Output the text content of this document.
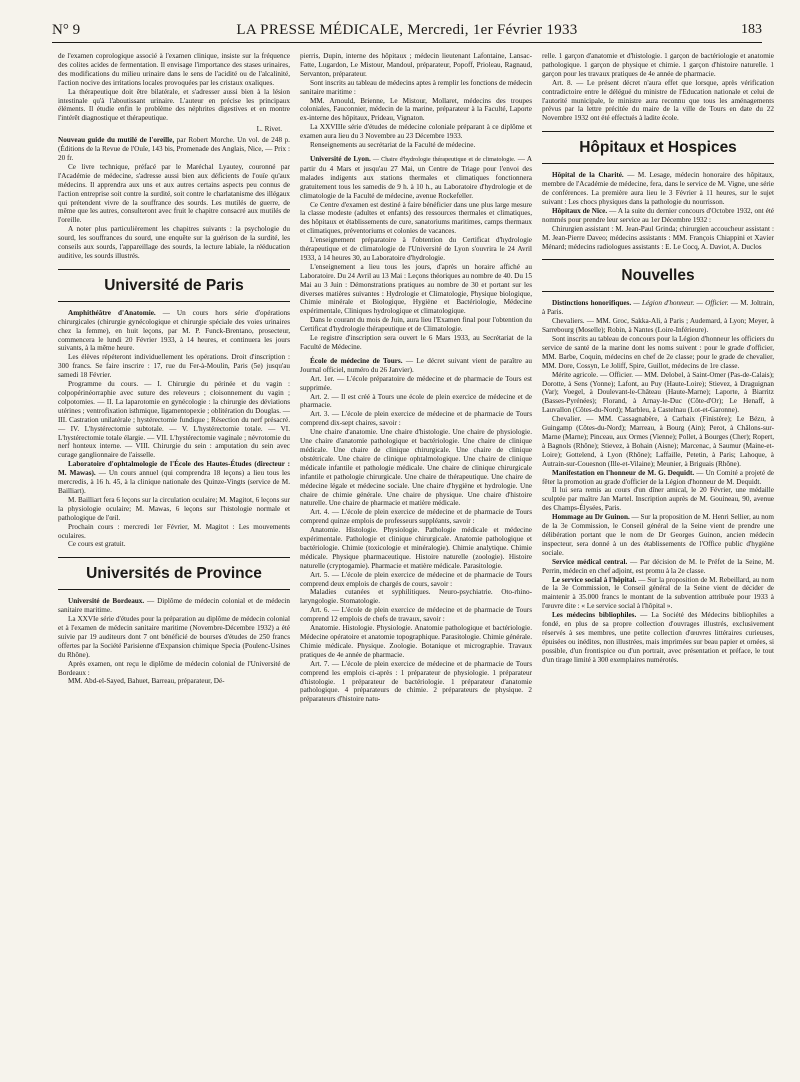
N° 9	LA PRESSE MÉDICALE, Mercredi, 1er Février 1933	183

de l'examen coprologique associé à l'examen clinique, insiste sur la fréquence des colites acides de fermentation. Il envisage l'importance des stases urinaires, des modifications du milieu urinaire dans le sens de l'acidité ou de l'alcalinité, l'action nocive des irritations locales provoquées par les cristaux oxaliques.

La thérapeutique doit être bilatérale, et s'adresser aussi bien à la lésion intestinale qu'à l'aboutissant urinaire. L'auteur en précise les principaux éléments. Il étudie enfin le problème des néphrites digestives et en montre l'intérêt diagnostique et thérapeutique.

L. Rivet.

Nouveau guide du mutilé de l'oreille, par Robert Morche. Un vol. de 248 p. (Éditions de la Revue de l'Ouïe, 143 bis, Promenade des Anglais, Nice, — Prix : 20 fr.

Ce livre technique, préfacé par le Maréchal Lyautey, couronné par l'Académie de médecine, s'adresse aussi bien aux déficients de l'ouïe qu'aux médecins. Il apprendra aux uns et aux autres certains aspects peu connus de l'action entreprise soit contre la surdité, soit contre le charlatanisme des illégaux qui prétendent vivre de la souffrance des sourds. Les mutilés de guerre, de même que les autres, consulteront avec fruit le chapitre consacré aux mutilés de l'oreille.

A noter plus particulièrement les chapitres suivants : la psychologie du sourd, les souffrances du sourd, une enquête sur la guérison de la surdité, les conseils aux sourds, l'appareillage des sourds, la lecture labiale, la rééducation auditive, les sourds illustrés.

Université de Paris

Amphithéâtre d'Anatomie. — Un cours hors série d'opérations chirurgicales (chirurgie gynécologique et chirurgie spéciale des voies urinaires chez la femme), en huit leçons, par M. P. Funck-Brentano, prosecteur, commencera le lundi 20 Février 1933, à 14 heures, et continuera les jours suivants, à la même heure.

Les élèves répéteront individuellement les opérations. Droit d'inscription : 300 francs. Se faire inscrire : 17, rue du Fer-à-Moulin, Paris (5e) jusqu'au samedi 18 Février.

Programme du cours. — I. Chirurgie du périnée et du vagin : colpopérinéorraphie avec suture des releveurs ; cloisonnement du vagin ; colpotomies. — II. La laparotomie en gynécologie : la chirurgie des déviations utérines ; ventrofixation isthmique, ligamentopexie ; oblitération du Douglas. — III. Castration unilatérale ; hystérectomie fundique ; Résection du nerf présacré. — IV. L'hystérectomie subtotale. — V. L'hystérectomie totale. — VI. L'hystérectomie totale élargie. — VII. L'hystérectomie vaginale ; névrotomie du nerf honteux interne. — VIII. Chirurgie du sein : amputation du sein avec curage ganglionnaire de l'aisselle.

Laboratoire d'ophtalmologie de l'École des Hautes-Études (directeur : M. Mawas). — Un cours annuel (qui comprendra 18 leçons) a lieu tous les mercredis, à 16 h. 45, à la clinique nationale des Quinze-Vingts (service de M. Bailliart).

M. Bailliart fera 6 leçons sur la circulation oculaire; M. Magitot, 6 leçons sur la physiologie oculaire; M. Mawas, 6 leçons sur l'histologie normale et pathologique de l'œil.

Prochain cours : mercredi 1er Février, M. Magitot : Les mouvements oculaires.

Ce cours est gratuit.

Universités de Province

Université de Bordeaux. — Diplôme de médecin colonial et de médecin sanitaire maritime.

La XXVIe série d'études pour la préparation au diplôme de médecin colonial et à l'examen de médecin sanitaire maritime (Novembre-Décembre 1932) a été suivie par 19 auditeurs dont 7 ont bénéficié de bourses d'études de 250 francs offertes par la Société Parisienne d'Expansion chimique Specia (Poulenc-Usines du Rhône).

Après examen, ont reçu le diplôme de médecin colonial de l'Université de Bordeaux :

MM. Abd-el-Sayed, Bahuet, Barreau, préparateur, Dé-

pierris, Dupin, interne des hôpitaux ; médecin lieutenant Lafontaine, Lansac-Fatte, Lugardon, Le Mistour, Mandoul, préparateur, Popoff, Prioleau, Ragnaud, Servanton, préparateur.

Sont inscrits au tableau de médecins aptes à remplir les fonctions de médecin sanitaire maritime :

MM. Arnould, Brienne, Le Mistour, Mollaret, médecins des troupes coloniales, Fauconnier, médecin de la marine, préparateur à la Faculté, Laporte ex-interne des hôpitaux, Prideau, Vignaton.

La XXVIIIe série d'études de médecine coloniale préparant à ce diplôme et examen aura lieu du 3 Novembre au 23 Décembre 1933.

Renseignements au secrétariat de la Faculté de médecine.

Université de Lyon. — Chaire d'hydrologie thérapeutique et de climatologie. — A partir du 4 Mars et jusqu'au 27 Mai, un Centre de Triage pour l'envoi des malades indigents aux stations thermales et climatiques fonctionnera gratuitement tous les samedis de 9 h. à 10 h., au Laboratoire d'hydrologie et de climatologie de la Faculté de médecine, avenue Rockefeller.

Ce Centre d'examen est destiné à faire bénéficier dans une plus large mesure la classe modeste (adultes et enfants) des ressources thermales et climatiques, des hôpitaux et établissements de cure, sanatoriums maritimes, camps thermaux et climatiques, préventoriums et colonies de vacances.

L'enseignement préparatoire à l'obtention du Certificat d'hydrologie thérapeutique et de climatologie de l'Université de Lyon s'ouvrira le 24 Avril 1933, à 14 heures 30, au Laboratoire d'hydrologie.

L'enseignement a lieu tous les jours, d'après un horaire affiché au Laboratoire. Du 24 Avril au 13 Mai : Leçons théoriques au nombre de 40. Du 15 Mai au 3 Juin : Démonstrations pratiques au nombre de 30 et portant sur les diverses matières suivantes : Hydrologie et Climatologie, Physique biologique, Chimie minérale et Biologique, Hygiène et Bactériologie, Médecine expérimentale, Cliniques hydrologique et climatologique.

Dans le courant du mois de Juin, aura lieu l'Examen final pour l'obtention du Certificat d'hydrologie thérapeutique et de Climatologie.

Le registre d'inscription sera ouvert le 6 Mars 1933, au Secrétariat de la Faculté de Médecine.

École de médecine de Tours. — Le décret suivant vient de paraître au Journal officiel, numéro du 26 Janvier).

Art. 1er. — L'école préparatoire de médecine et de pharmacie de Tours est supprimée.

Art. 2. — Il est créé à Tours une école de plein exercice de médecine et de pharmacie.

Art. 3. — L'école de plein exercice de médecine et de pharmacie de Tours comprend dix-sept chaires, savoir :

Une chaire d'anatomie. Une chaire d'histologie. Une chaire de physiologie. Une chaire d'anatomie pathologique et bactériologie. Une chaire de clinique médicale. Une chaire de clinique chirurgicale. Une chaire de clinique obstétricale. Une chaire de clinique ophtalmologique. Une chaire de clinique médicale infantile et pathologie médicale. Une chaire de clinique chirurgicale infantile et pathologie chirurgicale. Une chaire de thérapeutique. Une chaire de médecine légale et médecine sociale. Une chaire d'hygiène et hydrologie. Une chaire de chimie générale. Une chaire de physique. Une chaire d'histoire naturelle. Une chaire de pharmacie et matière médicale.

Art. 4. — L'école de plein exercice de médecine et de pharmacie de Tours comprend quinze emplois de professeurs suppléants, savoir :

Anatomie. Histologie. Physiologie. Pathologie médicale et médecine expérimentale. Pathologie et clinique chirurgicale. Anatomie pathologique et bactériologie. Chimie (toxicologie et minéralogie). Chimie analytique. Chimie médicale. Physique pharmaceutique. Histoire naturelle (zoologie). Histoire naturelle (cryptogamie). Pharmacie et matière médicale. Parasitologie.

Art. 5. — L'école de plein exercice de médecine et de pharmacie de Tours comprend deux emplois de chargés de cours, savoir :

Maladies cutanées et syphilitiques. Neuro-psychiatrie. Oto-rhino-laryngologie. Stomatologie.

Art. 6. — L'école de plein exercice de médecine et de pharmacie de Tours comprend 12 emplois de chefs de travaux, savoir :

Anatomie. Histologie. Physiologie. Anatomie pathologique et bactériologie. Médecine opératoire et anatomie topographique. Parasitologie. Chimie générale. Chimie médicale. Physique. Zoologie. Botanique et micrographie. Travaux pratiques de 4e année de pharmacie.

Art. 7. — L'école de plein exercice de médecine et de pharmacie de Tours comprend les emplois ci-après : 1 préparateur de physiologie. 1 préparateur d'histologie. 1 préparateur de bactériologie. 1 préparateur d'anatomie pathologique. 4 préparateurs de chimie. 2 préparateurs de physique. 2 préparateurs d'histoire natu-

relle. 1 garçon d'anatomie et d'histologie. 1 garçon de bactériologie et anatomie pathologique. 1 garçon de physique et chimie. 1 garçon d'histoire naturelle. 1 garçon pour les travaux pratiques de 4e année de pharmacie.

Art. 8. — Le présent décret n'aura effet que lorsque, après vérification contradictoire entre le délégué du ministre de l'Education nationale et celui de l'autorité municipale, le ministre aura reconnu que tous les aménagements prévus par la lettre précitée du maire de la ville de Tours en date du 22 Novembre 1932 ont été effectués à ladite école.

Hôpitaux et Hospices

Hôpital de la Charité. — M. Lesage, médecin honoraire des hôpitaux, membre de l'Académie de médecine, fera, dans le service de M. Vigne, une série de conférences. La première aura lieu le 3 Février à 11 heures, sur le sujet suivant : Les chocs physiques dans la pathologie du nourrisson.

Hôpitaux de Nice. — A la suite du dernier concours d'Octobre 1932, ont été nommés pour prendre leur service au 1er Décembre 1932 :

Chirurgien assistant : M. Jean-Paul Grinda; chirurgien accoucheur assistant : M. Jean-Pierre Daveo; médecins assistants : MM. François Chiappini et Xavier Ménard; médecins radiologues assistants : E. Le Cocq, A. Daviot, A. Duclos

Nouvelles

Distinctions honorifiques. — Légion d'honneur. — Officier. — M. Joltrain, à Paris.

Chevaliers. — MM. Groc, Sakka-Ali, à Paris ; Audemard, à Lyon; Meyer, à Sarrebourg (Moselle); Robin, à Nantes (Loire-Inférieure).

Sont inscrits au tableau de concours pour la Légion d'honneur les officiers du service de santé de la marine dont les noms suivent : pour le grade d'officier, MM. Barbe, Coquin, médecins en chef de 2e classe; pour le grade de chevalier, MM. Dore, Cossyn, Le Joliff, Spire, Guillot, médecins de 1re classe.

Mérite agricole. — Officier. — MM. Delobel, à Saint-Omer (Pas-de-Calais); Dorotte, à Sens (Yonne); Lafont, au Puy (Haute-Loire); Stievez, à Draguignan (Var); Voegel, à Doulevant-le-Château (Haute-Marne); Laporte, à Biarritz (Basses-Pyrénées); Florand, à Arnay-le-Duc (Côte-d'Or); Le Henaff, à Lauvallon (Côtes-du-Nord); Marbleu, à Castelnau (Lot-et-Garonne).

Chevalier. — MM. Cassagnabère, à Carhaix (Finistère); Le Bézu, à Guingamp (Côtes-du-Nord); Marreau, à Bourg (Ain); Perot, à Châlons-sur-Marne (Marne); Pinceau, aux Ormes (Vienne); Pollet, à Bourges (Cher); Ropert, à Bagnols (Rhône); Stievez, à Bohain (Aisne); Marcenac, à Saumur (Maine-et-Loire); Gottelend, à Lyon (Rhône); Laffaille, Petetin, à Paris; Lahoque, à Autrain-sur-Couesnon (Ille-et-Vilaine); Meunier, à Briguais (Rhône).

Manifestation en l'honneur de M. G. Dequidt. — Un Comité a projeté de fêter la promotion au grade d'officier de la Légion d'honneur de M. Dequidt.

Il lui sera remis au cours d'un dîner amical, le 20 Février, une médaille sculptée par maître Jan Martel. Inscription auprès de M. Gouineau, 90, avenue des Champs-Élysées, Paris.

Hommage au Dr Guinon. — Sur la proposition de M. Henri Sellier, au nom de la 3e Commission, le Conseil général de la Seine vient de prendre une délibération portant que le nom de Dr Georges Guinon, ancien médecin inspecteur, sera donné à un des établissements de l'Office public d'hygiène sociale.

Service médical central. — Par décision de M. le Préfet de la Seine, M. Perrin, médecin en chef adjoint, est promu à la 2e classe.

Le service social à l'hôpital. — Sur la proposition de M. Rebeillard, au nom de la 3e Commission, le Conseil général de la Seine vient de décider de maintenir à 35.000 francs le montant de la subvention attribuée pour 1933 à l'œuvre dite : « Le service social à l'hôpital ».

Les médecins bibliophiles. — La Société des Médecins bibliophiles a fondé, en plus de sa propre collection d'ouvrages illustrés, exclusivement réservés à ses membres, une petite collection d'œuvres littéraires curieuses, épuisées ou inédites, non illustrées, mais imprimées sur beau papier et ornées, si possible, d'un frontispice ou d'un portrait, avec présentation et préface, le tout d'un tirage limité à 300 exemplaires numérotés.
